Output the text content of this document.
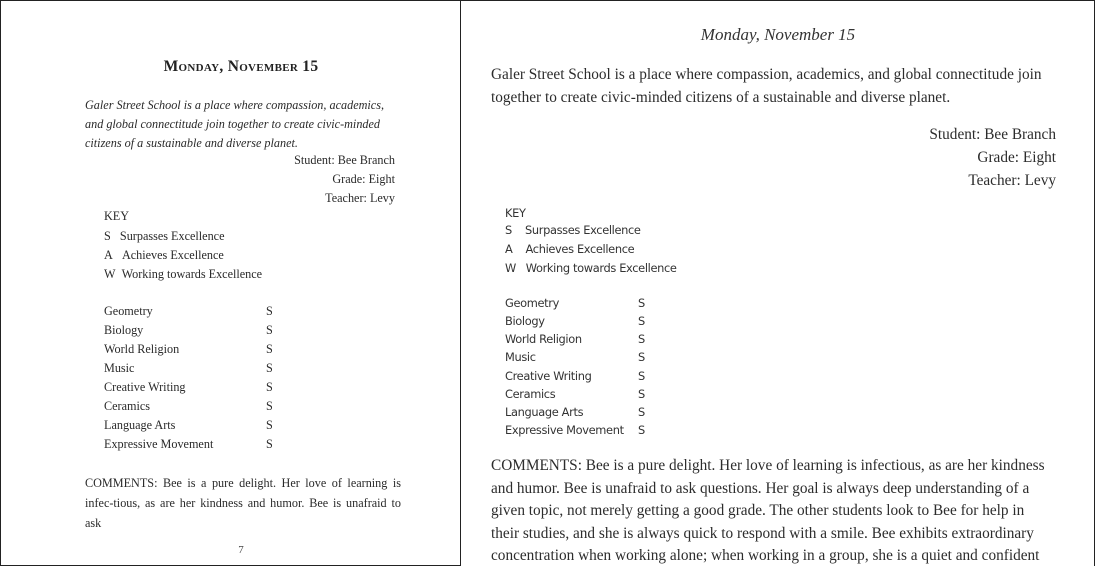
Monday, November 15
Galer Street School is a place where compassion, academics, and global connectitude join together to create civic-minded citizens of a sustainable and diverse planet.
Student: Bee Branch
Grade: Eight
Teacher: Levy
KEY
S Surpasses Excellence
A Achieves Excellence
W Working towards Excellence
Geometry	S
Biology	S
World Religion	S
Music	S
Creative Writing	S
Ceramics	S
Language Arts	S
Expressive Movement	S
COMMENTS: Bee is a pure delight. Her love of learning is infec-tious, as are her kindness and humor. Bee is unafraid to ask
7
Monday, November 15
Galer Street School is a place where compassion, academics, and global connectitude join together to create civic-minded citizens of a sustainable and diverse planet.
Student: Bee Branch
Grade: Eight
Teacher: Levy
KEY
S Surpasses Excellence
A Achieves Excellence
W Working towards Excellence
Geometry	S
Biology	S
World Religion	S
Music	S
Creative Writing	S
Ceramics	S
Language Arts	S
Expressive Movement S
COMMENTS: Bee is a pure delight. Her love of learning is infectious, as are her kindness and humor. Bee is unafraid to ask questions. Her goal is always deep understanding of a given topic, not merely getting a good grade. The other students look to Bee for help in their studies, and she is always quick to respond with a smile. Bee exhibits extraordinary concentration when working alone; when working in a group, she is a quiet and confident
